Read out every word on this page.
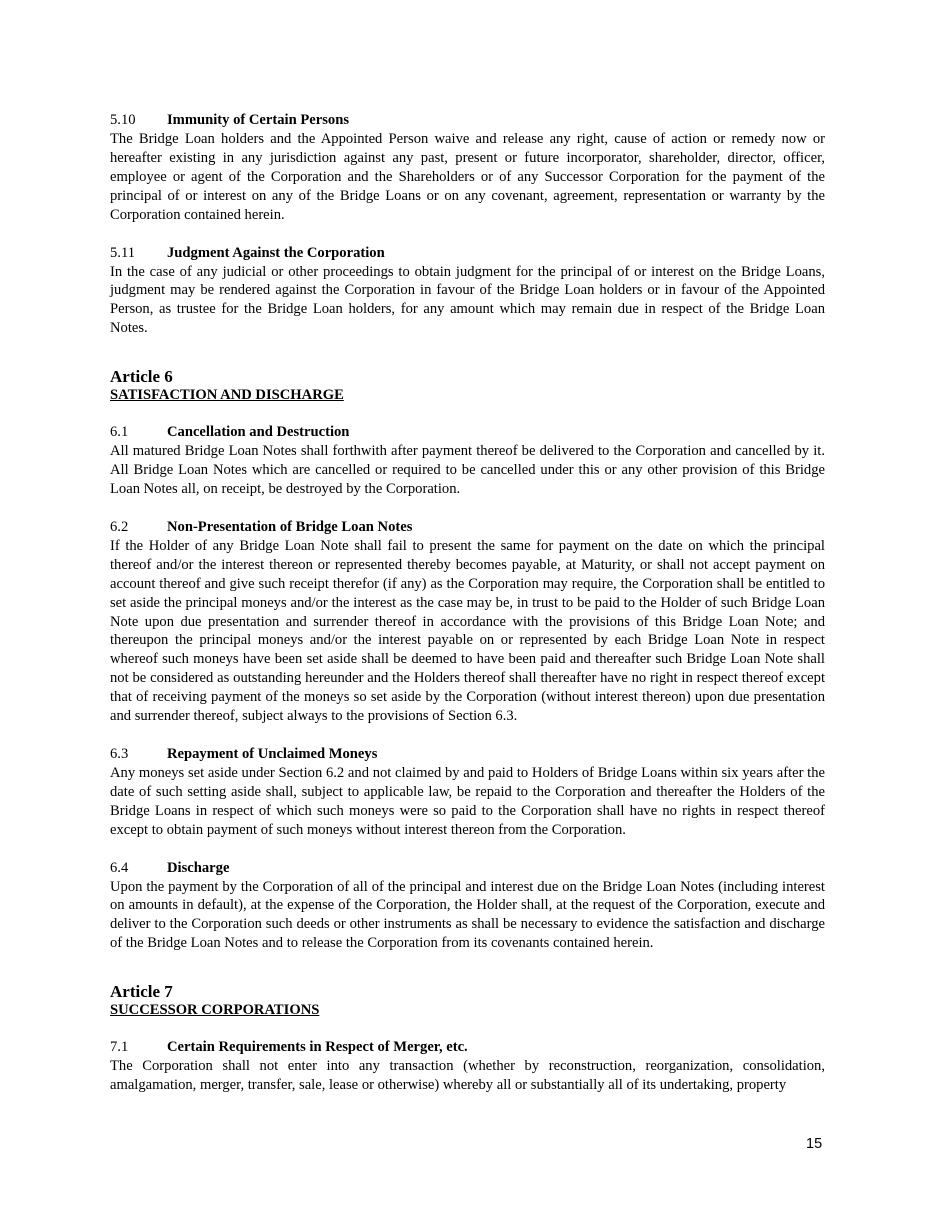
5.10 Immunity of Certain Persons

The Bridge Loan holders and the Appointed Person waive and release any right, cause of action or remedy now or hereafter existing in any jurisdiction against any past, present or future incorporator, shareholder, director, officer, employee or agent of the Corporation and the Shareholders or of any Successor Corporation for the payment of the principal of or interest on any of the Bridge Loans or on any covenant, agreement, representation or warranty by the Corporation contained herein.

5.11 Judgment Against the Corporation

In the case of any judicial or other proceedings to obtain judgment for the principal of or interest on the Bridge Loans, judgment may be rendered against the Corporation in favour of the Bridge Loan holders or in favour of the Appointed Person, as trustee for the Bridge Loan holders, for any amount which may remain due in respect of the Bridge Loan Notes.

Article 6
SATISFACTION AND DISCHARGE
6.1	Cancellation and Destruction

All matured Bridge Loan Notes shall forthwith after payment thereof be delivered to the Corporation and cancelled by it. All Bridge Loan Notes which are cancelled or required to be cancelled under this or any other provision of this Bridge Loan Notes all, on receipt, be destroyed by the Corporation.

6.2	Non-Presentation of Bridge Loan Notes

If the Holder of any Bridge Loan Note shall fail to present the same for payment on the date on which the principal thereof and/or the interest thereon or represented thereby becomes payable, at Maturity, or shall not accept payment on account thereof and give such receipt therefor (if any) as the Corporation may require, the Corporation shall be entitled to set aside the principal moneys and/or the interest as the case may be, in trust to be paid to the Holder of such Bridge Loan Note upon due presentation and surrender thereof in accordance with the provisions of this Bridge Loan Note; and thereupon the principal moneys and/or the interest payable on or represented by each Bridge Loan Note in respect whereof such moneys have been set aside shall be deemed to have been paid and thereafter such Bridge Loan Note shall not be considered as outstanding hereunder and the Holders thereof shall thereafter have no right in respect thereof except that of receiving payment of the moneys so set aside by the Corporation (without interest thereon) upon due presentation and surrender thereof, subject always to the provisions of Section 6.3.

6.3	Repayment of Unclaimed Moneys

Any moneys set aside under Section 6.2 and not claimed by and paid to Holders of Bridge Loans within six years after the date of such setting aside shall, subject to applicable law, be repaid to the Corporation and thereafter the Holders of the Bridge Loans in respect of which such moneys were so paid to the Corporation shall have no rights in respect thereof except to obtain payment of such moneys without interest thereon from the Corporation.

6.4	Discharge

Upon the payment by the Corporation of all of the principal and interest due on the Bridge Loan Notes (including interest on amounts in default), at the expense of the Corporation, the Holder shall, at the request of the Corporation, execute and deliver to the Corporation such deeds or other instruments as shall be necessary to evidence the satisfaction and discharge of the Bridge Loan Notes and to release the Corporation from its covenants contained herein.

Article 7
SUCCESSOR CORPORATIONS
7.1	Certain Requirements in Respect of Merger, etc.

The Corporation shall not enter into any transaction (whether by reconstruction, reorganization, consolidation, amalgamation, merger, transfer, sale, lease or otherwise) whereby all or substantially all of its undertaking, property

15
